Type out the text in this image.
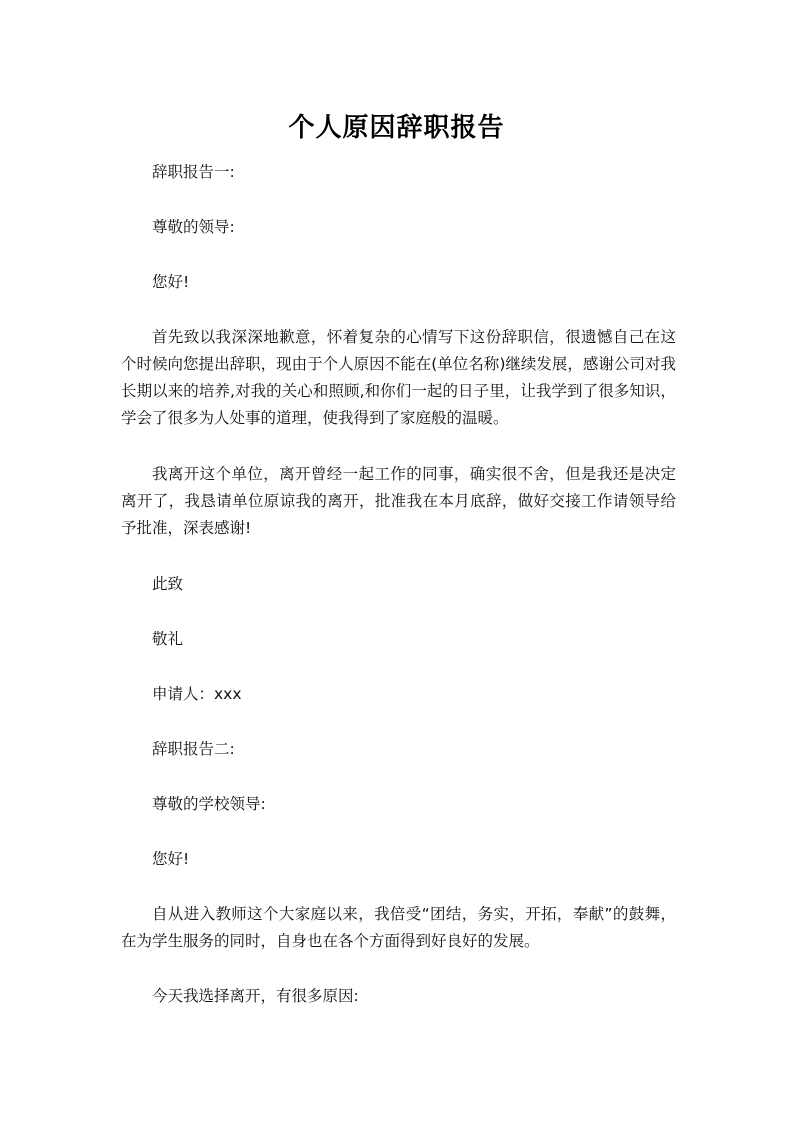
个人原因辞职报告

辞职报告一:

尊敬的领导:

您好!

首先致以我深深地歉意，怀着复杂的心情写下这份辞职信，很遗憾自己在这个时候向您提出辞职，现由于个人原因不能在(单位名称)继续发展，感谢公司对我长期以来的培养,对我的关心和照顾,和你们一起的日子里，让我学到了很多知识，学会了很多为人处事的道理，使我得到了家庭般的温暖。

我离开这个单位，离开曾经一起工作的同事，确实很不舍，但是我还是决定离开了，我恳请单位原谅我的离开，批准我在本月底辞，做好交接工作请领导给予批准，深表感谢!

此致

敬礼

申请人：xxx

辞职报告二:

尊敬的学校领导:

您好!

自从进入教师这个大家庭以来，我倍受“团结，务实，开拓，奉献”的鼓舞，在为学生服务的同时，自身也在各个方面得到好良好的发展。

今天我选择离开，有很多原因:
